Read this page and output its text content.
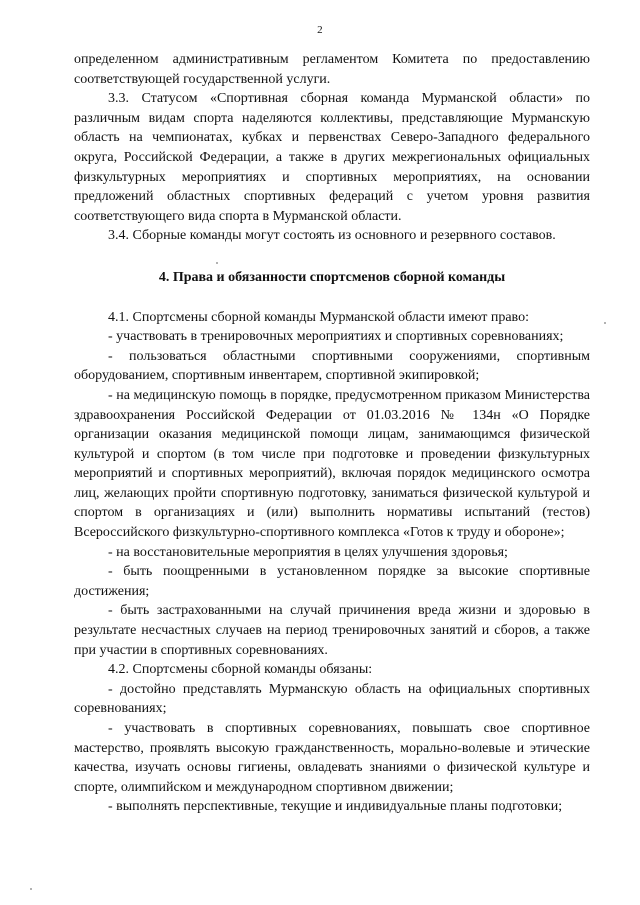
2

определенном административным регламентом Комитета по предоставлению соответствующей государственной услуги.

3.3. Статусом «Спортивная сборная команда Мурманской области» по различным видам спорта наделяются коллективы, представляющие Мурманскую область на чемпионатах, кубках и первенствах Северо-Западного федерального округа, Российской Федерации, а также в других межрегиональных официальных физкультурных мероприятиях и спортивных мероприятиях, на основании предложений областных спортивных федераций с учетом уровня развития соответствующего вида спорта в Мурманской области.

3.4. Сборные команды могут состоять из основного и резервного составов.

4. Права и обязанности спортсменов сборной команды

4.1. Спортсмены сборной команды Мурманской области имеют право:

- участвовать в тренировочных мероприятиях и спортивных соревнованиях;

- пользоваться областными спортивными сооружениями, спортивным оборудованием, спортивным инвентарем, спортивной экипировкой;

- на медицинскую помощь в порядке, предусмотренном приказом Министерства здравоохранения Российской Федерации от 01.03.2016 № 134н «О Порядке организации оказания медицинской помощи лицам, занимающимся физической культурой и спортом (в том числе при подготовке и проведении физкультурных мероприятий и спортивных мероприятий), включая порядок медицинского осмотра лиц, желающих пройти спортивную подготовку, заниматься физической культурой и спортом в организациях и (или) выполнить нормативы испытаний (тестов) Всероссийского физкультурно-спортивного комплекса «Готов к труду и обороне»;

- на восстановительные мероприятия в целях улучшения здоровья;

- быть поощренными в установленном порядке за высокие спортивные достижения;

- быть застрахованными на случай причинения вреда жизни и здоровью в результате несчастных случаев на период тренировочных занятий и сборов, а также при участии в спортивных соревнованиях.

4.2. Спортсмены сборной команды обязаны:

- достойно представлять Мурманскую область на официальных спортивных соревнованиях;

- участвовать в спортивных соревнованиях, повышать свое спортивное мастерство, проявлять высокую гражданственность, морально-волевые и этические качества, изучать основы гигиены, овладевать знаниями о физической культуре и спорте, олимпийском и международном спортивном движении;

- выполнять перспективные, текущие и индивидуальные планы подготовки;
